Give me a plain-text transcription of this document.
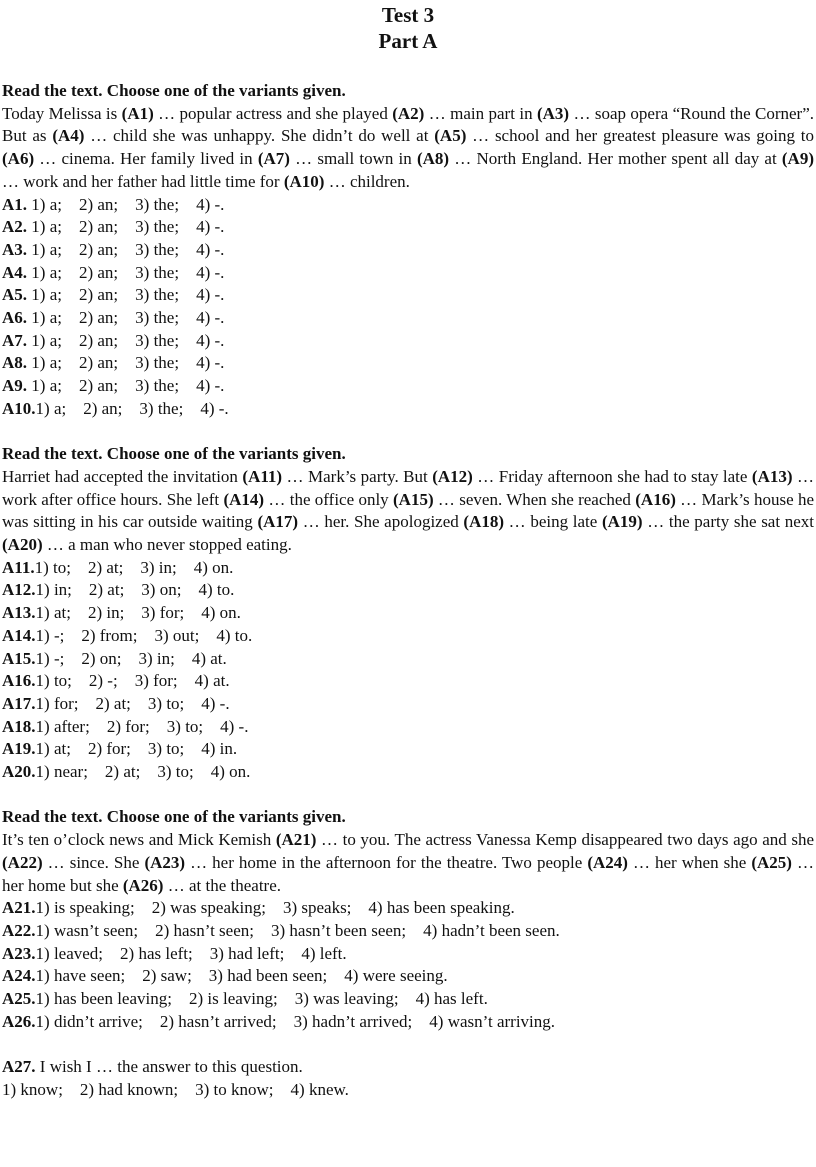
Test 3

Part A

Read the text. Choose one of the variants given.

Today Melissa is (A1) … popular actress and she played (A2) … main part in (A3) … soap opera “Round the Corner”. But as (A4) … child she was unhappy. She didn’t do well at (A5) … school and her greatest pleasure was going to (A6) … cinema. Her family lived in (A7) … small town in (A8) … North England. Her mother spent all day at (A9) … work and her father had little time for (A10) … children.

A1. 1) a; 2) an; 3) the; 4) -.

A2. 1) a; 2) an; 3) the; 4) -.

A3. 1) a; 2) an; 3) the; 4) -.

A4. 1) a; 2) an; 3) the; 4) -.

A5. 1) a; 2) an; 3) the; 4) -.

A6. 1) a; 2) an; 3) the; 4) -.

A7. 1) a; 2) an; 3) the; 4) -.

A8. 1) a; 2) an; 3) the; 4) -.

A9. 1) a; 2) an; 3) the; 4) -.

A10.1) a; 2) an; 3) the; 4) -.

Read the text. Choose one of the variants given.

Harriet had accepted the invitation (A11) … Mark’s party. But (A12) … Friday afternoon she had to stay late (A13) … work after office hours. She left (A14) … the office only (A15) … seven. When she reached (A16) … Mark’s house he was sitting in his car outside waiting (A17) … her. She apologized (A18) … being late (A19) … the party she sat next (A20) … a man who never stopped eating.

A11.1) to; 2) at; 3) in; 4) on.

A12.1) in; 2) at; 3) on; 4) to.

A13.1) at; 2) in; 3) for; 4) on.

A14.1) -; 2) from; 3) out; 4) to.

A15.1) -; 2) on; 3) in; 4) at.

A16.1) to; 2) -; 3) for; 4) at.

A17.1) for; 2) at; 3) to; 4) -.

A18.1) after; 2) for; 3) to; 4) -.

A19.1) at; 2) for; 3) to; 4) in.

A20.1) near; 2) at; 3) to; 4) on.

Read the text. Choose one of the variants given.

It’s ten o’clock news and Mick Kemish (A21) … to you. The actress Vanessa Kemp disappeared two days ago and she (A22) … since. She (A23) … her home in the afternoon for the theatre. Two people (A24) … her when she (A25) … her home but she (A26) … at the theatre.

A21.1) is speaking; 2) was speaking; 3) speaks; 4) has been speaking.

A22.1) wasn’t seen; 2) hasn’t seen; 3) hasn’t been seen; 4) hadn’t been seen.

A23.1) leaved; 2) has left; 3) had left; 4) left.

A24.1) have seen; 2) saw; 3) had been seen; 4) were seeing.

A25.1) has been leaving; 2) is leaving; 3) was leaving; 4) has left.

A26.1) didn’t arrive; 2) hasn’t arrived; 3) hadn’t arrived; 4) wasn’t arriving.

A27. I wish I … the answer to this question.

1) know; 2) had known; 3) to know; 4) knew.
